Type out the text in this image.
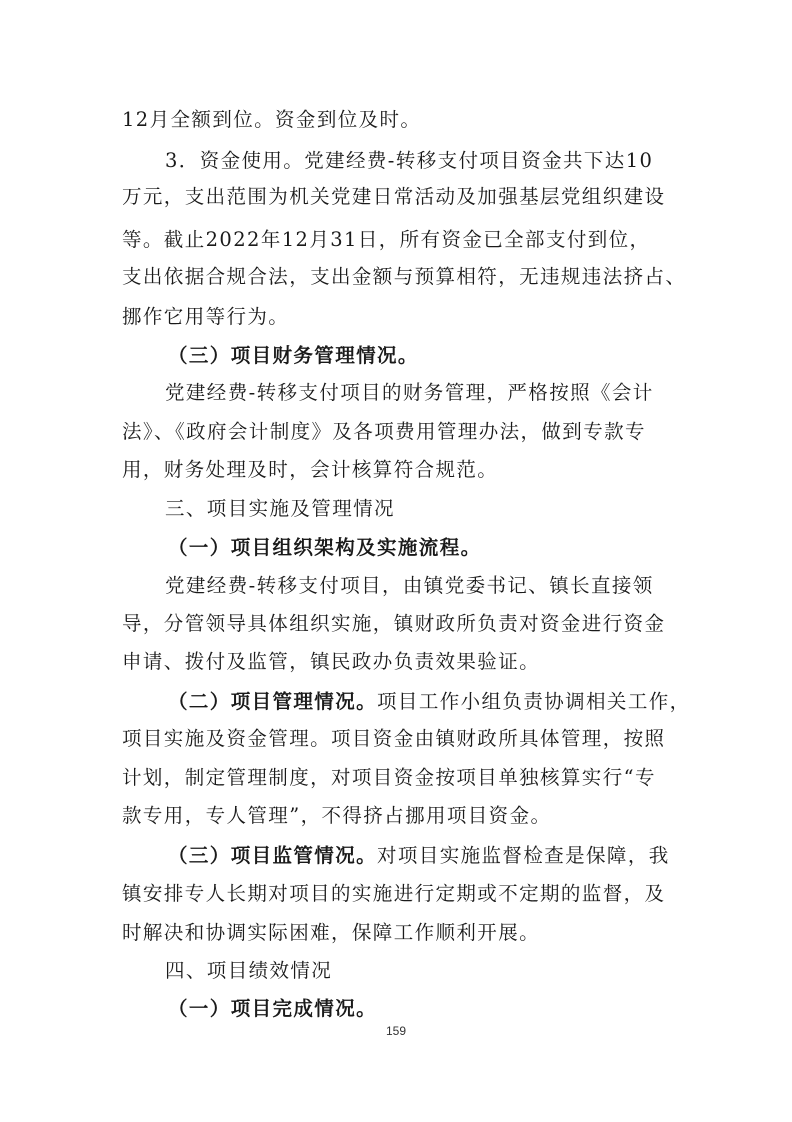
12月全额到位。资金到位及时。
3．资金使用。党建经费-转移支付项目资金共下达10
万元，支出范围为机关党建日常活动及加强基层党组织建设
等。截止2022年12月31日，所有资金已全部支付到位，
支出依据合规合法，支出金额与预算相符，无违规违法挤占、
挪作它用等行为。
（三）项目财务管理情况。
党建经费-转移支付项目的财务管理，严格按照《会计
法》、《政府会计制度》及各项费用管理办法，做到专款专
用，财务处理及时，会计核算符合规范。
三、项目实施及管理情况
（一）项目组织架构及实施流程。
党建经费-转移支付项目，由镇党委书记、镇长直接领
导，分管领导具体组织实施，镇财政所负责对资金进行资金
申请、拨付及监管，镇民政办负责效果验证。
（二）项目管理情况。项目工作小组负责协调相关工作，
项目实施及资金管理。项目资金由镇财政所具体管理，按照
计划，制定管理制度，对项目资金按项目单独核算实行“专
款专用，专人管理”，不得挤占挪用项目资金。
（三）项目监管情况。对项目实施监督检查是保障，我
镇安排专人长期对项目的实施进行定期或不定期的监督，及
时解决和协调实际困难，保障工作顺利开展。
四、项目绩效情况
（一）项目完成情况。
159
